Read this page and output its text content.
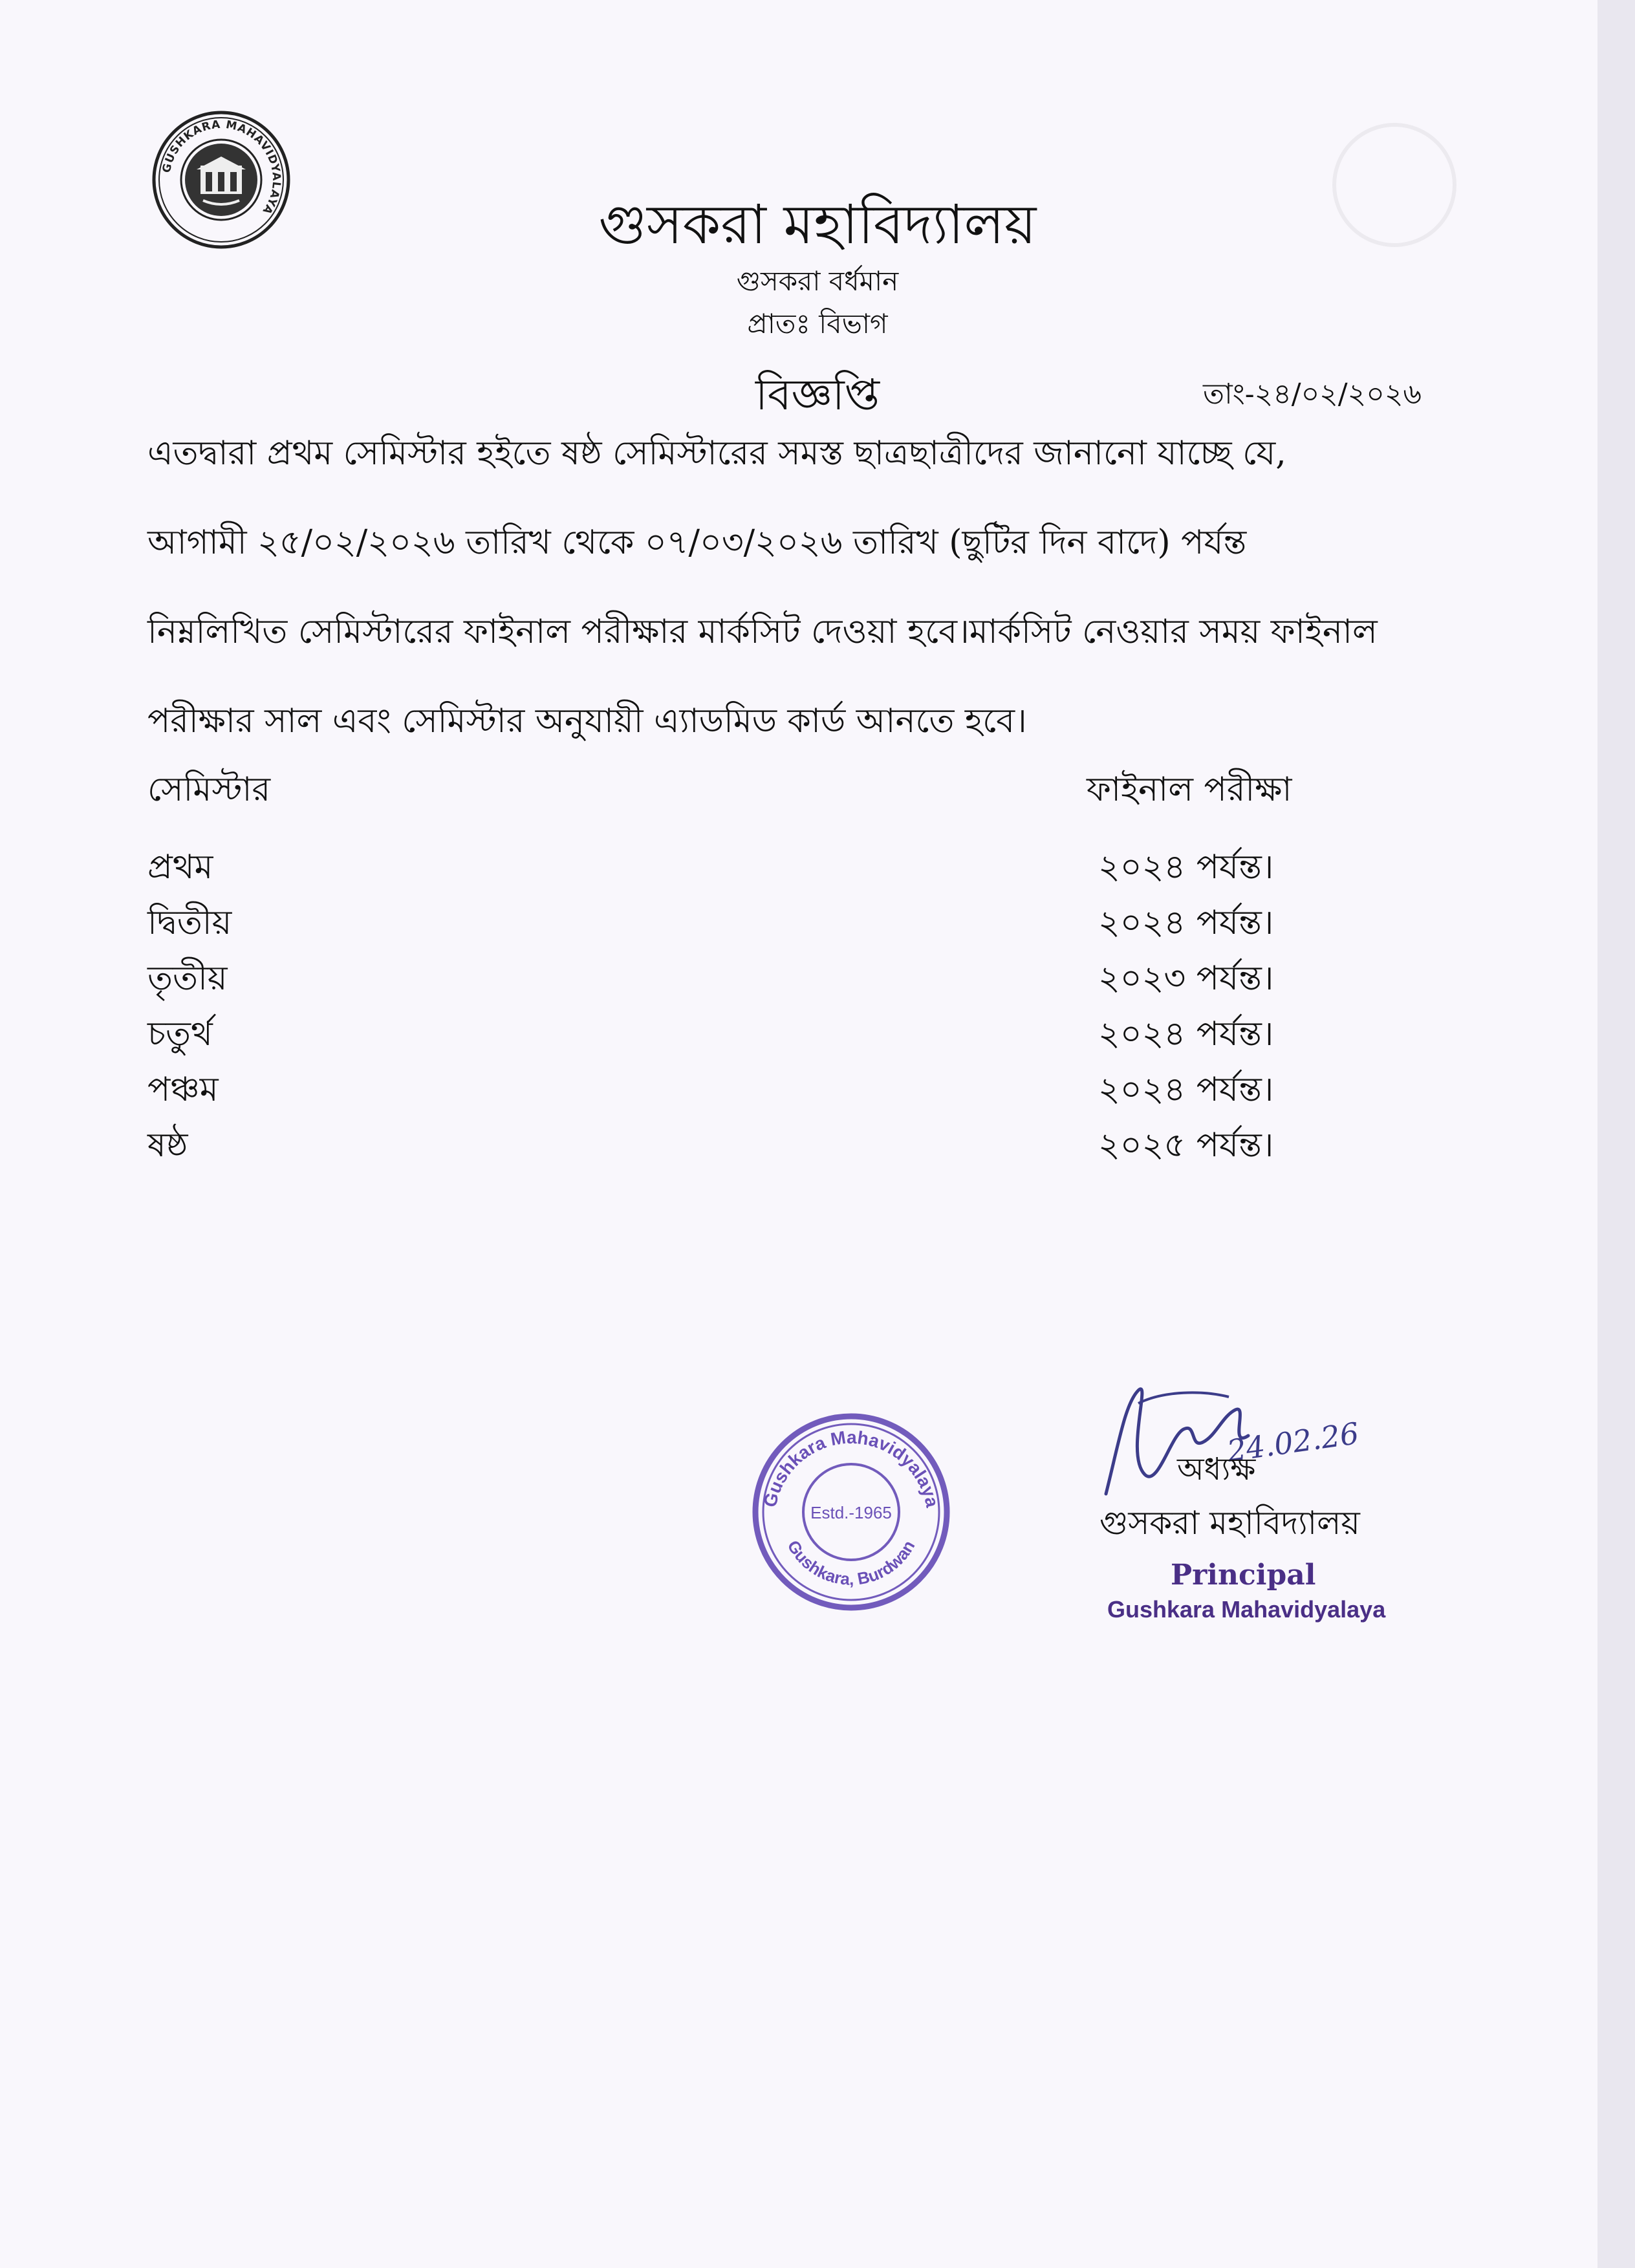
GUSHKARA MAHAVIDYALAYA	গুসকরা মহাবিদ্যালয়
গুসকরা বর্ধমান
প্রাতঃ বিভাগ
বিজ্ঞপ্তি	তাং-২৪/০২/২০২৬

এতদ্বারা প্রথম সেমিস্টার হইতে ষষ্ঠ সেমিস্টারের সমস্ত ছাত্রছাত্রীদের জানানো যাচ্ছে যে,

আগামী ২৫/০২/২০২৬ তারিখ থেকে ০৭/০৩/২০২৬ তারিখ (ছুটির দিন বাদে) পর্যন্ত

নিম্নলিখিত সেমিস্টারের ফাইনাল পরীক্ষার মার্কসিট দেওয়া হবে।মার্কসিট নেওয়ার সময় ফাইনাল

পরীক্ষার সাল এবং সেমিস্টার অনুযায়ী এ্যাডমিড কার্ড আনতে হবে।

সেমিস্টার	ফাইনাল পরীক্ষা
প্রথম	২০২৪ পর্যন্ত।
দ্বিতীয়	২০২৪ পর্যন্ত।
তৃতীয়	২০২৩ পর্যন্ত।
চতুর্থ	২০২৪ পর্যন্ত।
পঞ্চম	২০২৪ পর্যন্ত।
ষষ্ঠ	২০২৫ পর্যন্ত।
Gushkara Mahavidyalaya
Gushkara, Burdwan
Estd.-1965
24.02.26
অধ্যক্ষ
গুসকরা মহাবিদ্যালয়
Principal
Gushkara Mahavidyalaya
